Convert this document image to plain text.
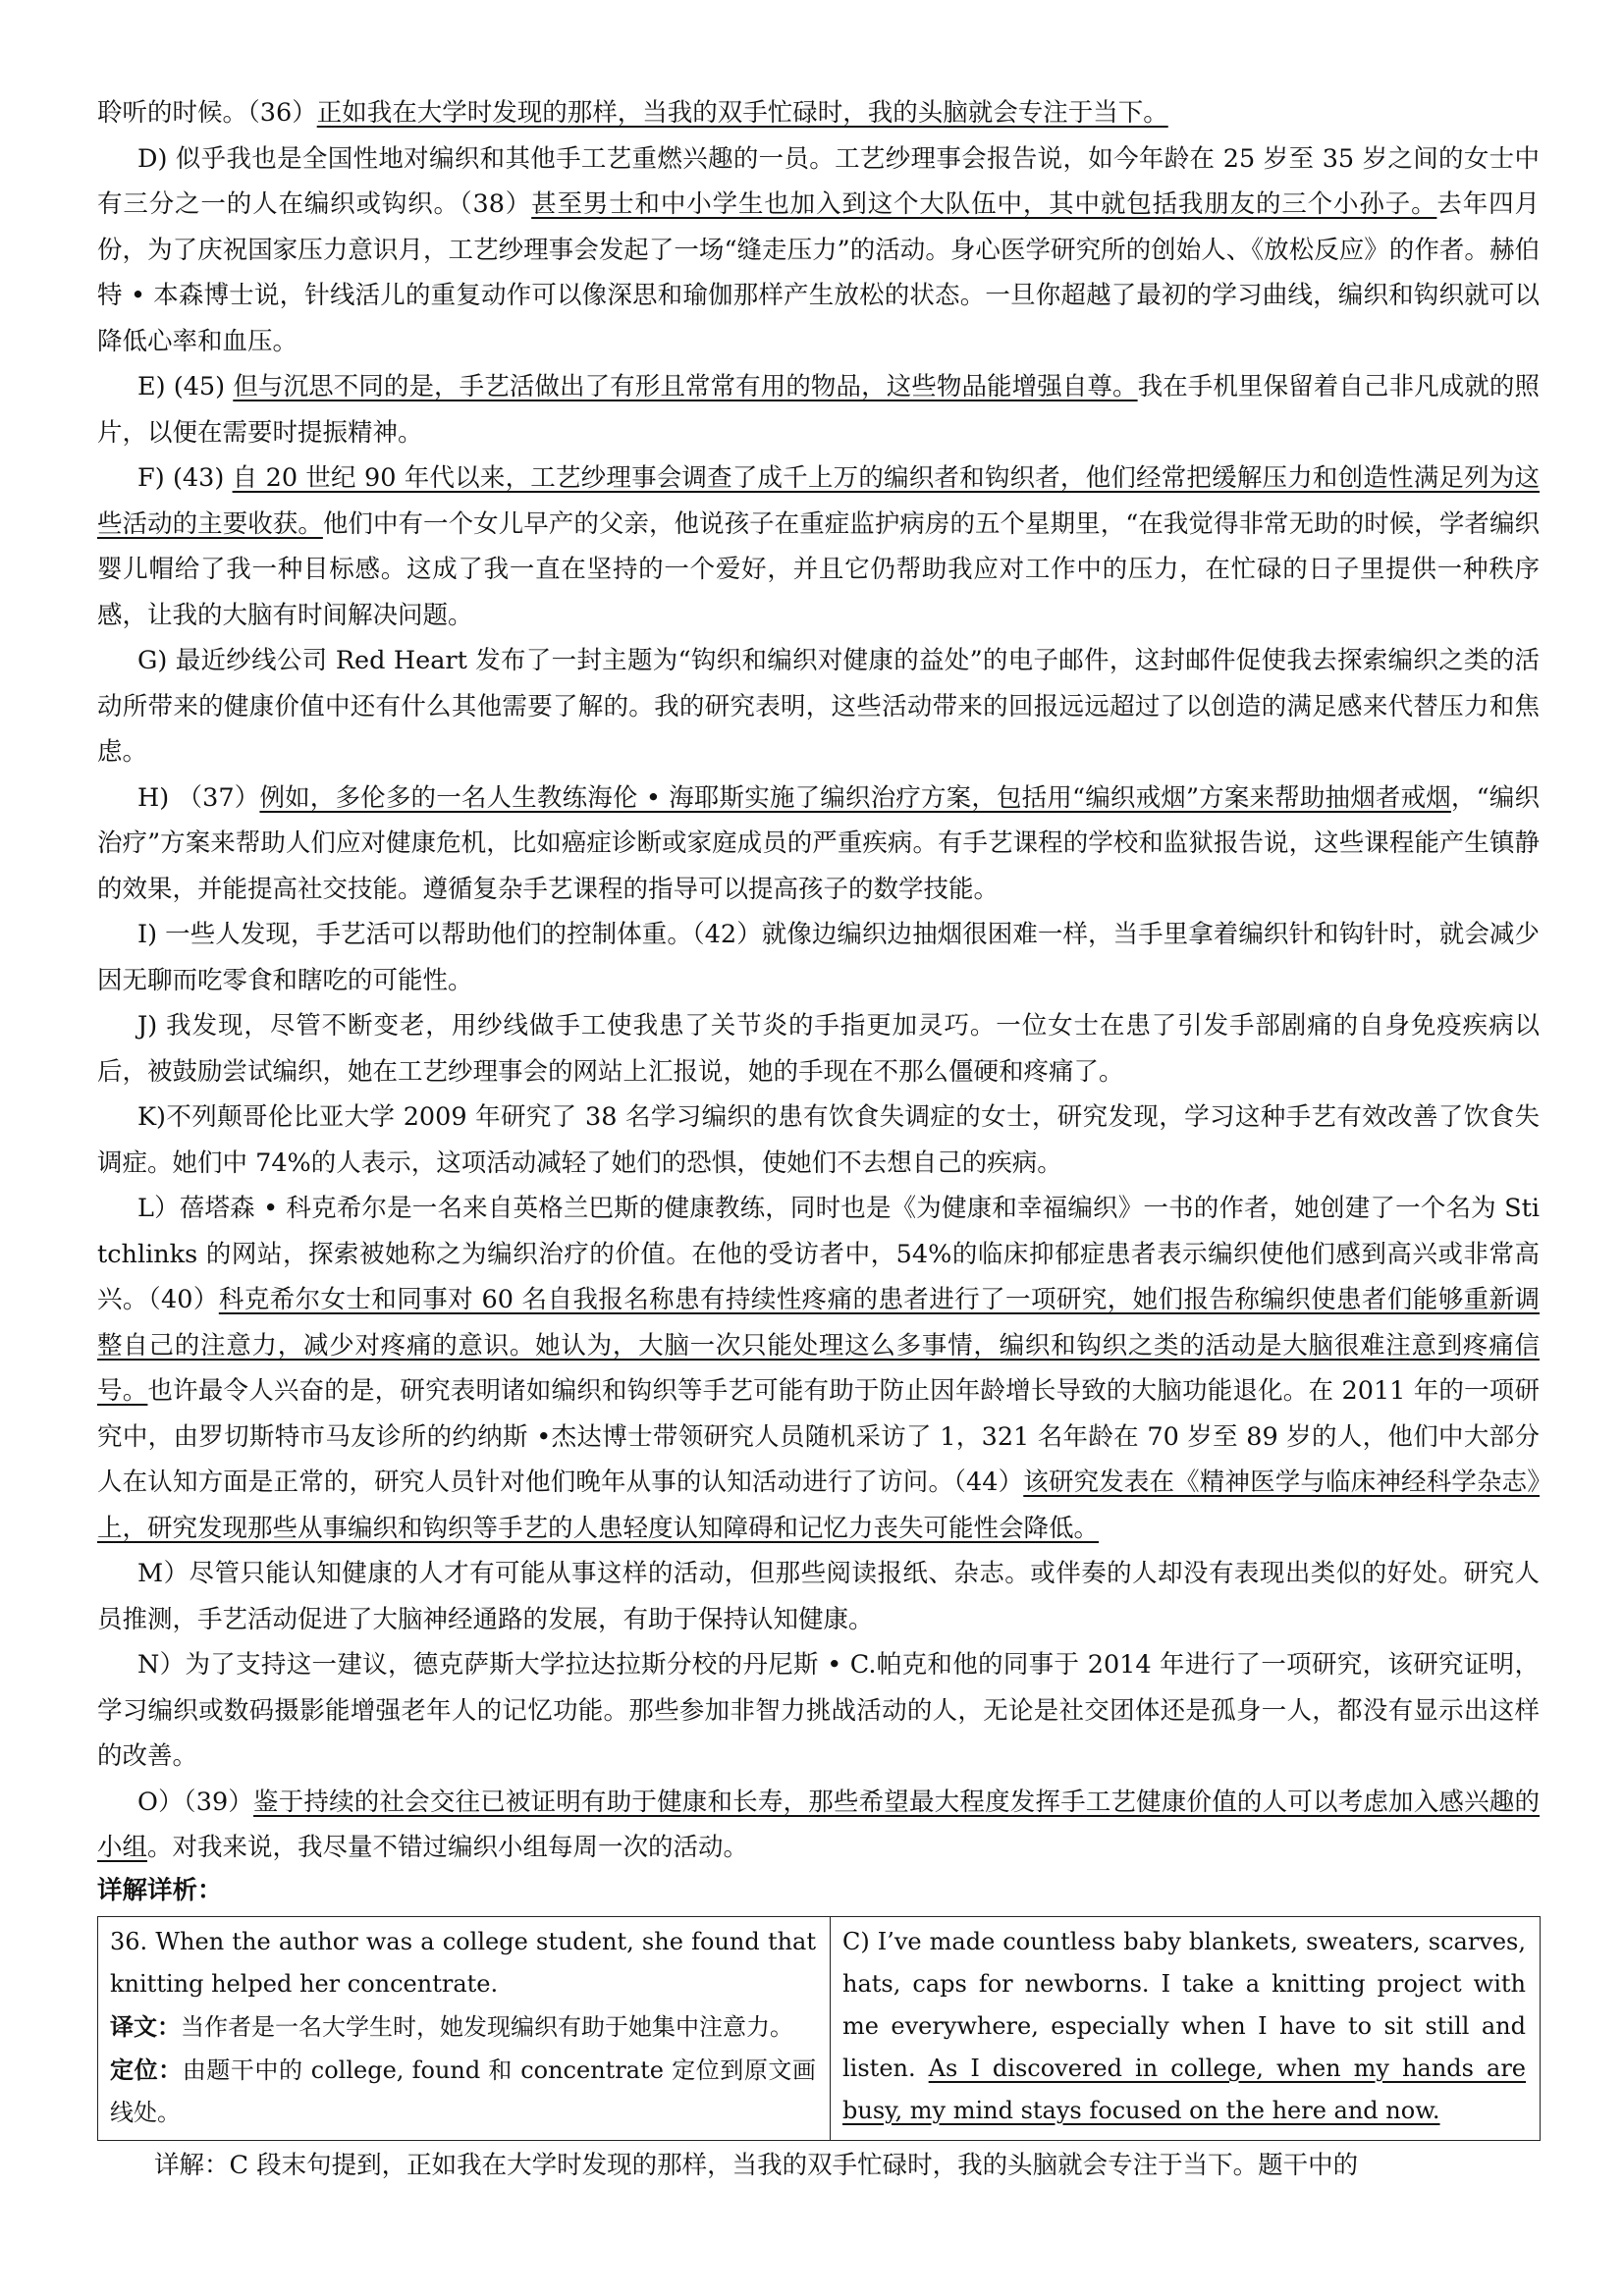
聆听的时候。（36）正如我在大学时发现的那样，当我的双手忙碌时，我的头脑就会专注于当下。

D) 似乎我也是全国性地对编织和其他手工艺重燃兴趣的一员。工艺纱理事会报告说，如今年龄在 25 岁至 35 岁之间的女士中有三分之一的人在编织或钩织。（38）甚至男士和中小学生也加入到这个大队伍中，其中就包括我朋友的三个小孙子。去年四月份，为了庆祝国家压力意识月，工艺纱理事会发起了一场“缝走压力”的活动。身心医学研究所的创始人、《放松反应》的作者。赫伯特 • 本森博士说，针线活儿的重复动作可以像深思和瑜伽那样产生放松的状态。一旦你超越了最初的学习曲线，编织和钩织就可以降低心率和血压。

E) (45) 但与沉思不同的是，手艺活做出了有形且常常有用的物品，这些物品能增强自尊。我在手机里保留着自己非凡成就的照片，以便在需要时提振精神。

F) (43) 自 20 世纪 90 年代以来，工艺纱理事会调查了成千上万的编织者和钩织者，他们经常把缓解压力和创造性满足列为这些活动的主要收获。他们中有一个女儿早产的父亲，他说孩子在重症监护病房的五个星期里，“在我觉得非常无助的时候，学者编织婴儿帽给了我一种目标感。这成了我一直在坚持的一个爱好，并且它仍帮助我应对工作中的压力，在忙碌的日子里提供一种秩序感，让我的大脑有时间解决问题。

G) 最近纱线公司 Red Heart 发布了一封主题为“钩织和编织对健康的益处”的电子邮件，这封邮件促使我去探索编织之类的活动所带来的健康价值中还有什么其他需要了解的。我的研究表明，这些活动带来的回报远远超过了以创造的满足感来代替压力和焦虑。

H) （37）例如，多伦多的一名人生教练海伦 • 海耶斯实施了编织治疗方案，包括用“编织戒烟”方案来帮助抽烟者戒烟，“编织治疗”方案来帮助人们应对健康危机，比如癌症诊断或家庭成员的严重疾病。有手艺课程的学校和监狱报告说，这些课程能产生镇静的效果，并能提高社交技能。遵循复杂手艺课程的指导可以提高孩子的数学技能。

I) 一些人发现，手艺活可以帮助他们的控制体重。（42）就像边编织边抽烟很困难一样，当手里拿着编织针和钩针时，就会减少因无聊而吃零食和瞎吃的可能性。

J) 我发现，尽管不断变老，用纱线做手工使我患了关节炎的手指更加灵巧。一位女士在患了引发手部剧痛的自身免疫疾病以后，被鼓励尝试编织，她在工艺纱理事会的网站上汇报说，她的手现在不那么僵硬和疼痛了。

K)不列颠哥伦比亚大学 2009 年研究了 38 名学习编织的患有饮食失调症的女士，研究发现，学习这种手艺有效改善了饮食失调症。她们中 74%的人表示，这项活动减轻了她们的恐惧，使她们不去想自己的疾病。

L）蓓塔森 • 科克希尔是一名来自英格兰巴斯的健康教练，同时也是《为健康和幸福编织》一书的作者，她创建了一个名为 Stitchlinks 的网站，探索被她称之为编织治疗的价值。在他的受访者中，54%的临床抑郁症患者表示编织使他们感到高兴或非常高兴。（40）科克希尔女士和同事对 60 名自我报名称患有持续性疼痛的患者进行了一项研究，她们报告称编织使患者们能够重新调整自己的注意力，减少对疼痛的意识。她认为，大脑一次只能处理这么多事情，编织和钩织之类的活动是大脑很难注意到疼痛信号。也许最令人兴奋的是，研究表明诸如编织和钩织等手艺可能有助于防止因年龄增长导致的大脑功能退化。在 2011 年的一项研究中，由罗切斯特市马友诊所的约纳斯 •杰达博士带领研究人员随机采访了 1，321 名年龄在 70 岁至 89 岁的人，他们中大部分人在认知方面是正常的，研究人员针对他们晚年从事的认知活动进行了访问。（44）该研究发表在《精神医学与临床神经科学杂志》上，研究发现那些从事编织和钩织等手艺的人患轻度认知障碍和记忆力丧失可能性会降低。

M）尽管只能认知健康的人才有可能从事这样的活动，但那些阅读报纸、杂志。或伴奏的人却没有表现出类似的好处。研究人员推测，手艺活动促进了大脑神经通路的发展，有助于保持认知健康。

N）为了支持这一建议，德克萨斯大学拉达拉斯分校的丹尼斯 • C.帕克和他的同事于 2014 年进行了一项研究，该研究证明，学习编织或数码摄影能增强老年人的记忆功能。那些参加非智力挑战活动的人，无论是社交团体还是孤身一人，都没有显示出这样的改善。

O）（39）鉴于持续的社会交往已被证明有助于健康和长寿，那些希望最大程度发挥手工艺健康价值的人可以考虑加入感兴趣的小组。对我来说，我尽量不错过编织小组每周一次的活动。

详解详析：

36. When the author was a college student, she found that knitting helped her concentrate.
译文：当作者是一名大学生时，她发现编织有助于她集中注意力。
定位：由题干中的 college, found 和 concentrate 定位到原文画线处。
	C) I’ve made countless baby blankets, sweaters, scarves, hats, caps for newborns. I take a knitting project with me everywhere, especially when I have to sit still and listen. As I discovered in college, when my hands are busy, my mind stays focused on the here and now.

详解：C 段末句提到，正如我在大学时发现的那样，当我的双手忙碌时，我的头脑就会专注于当下。题干中的
